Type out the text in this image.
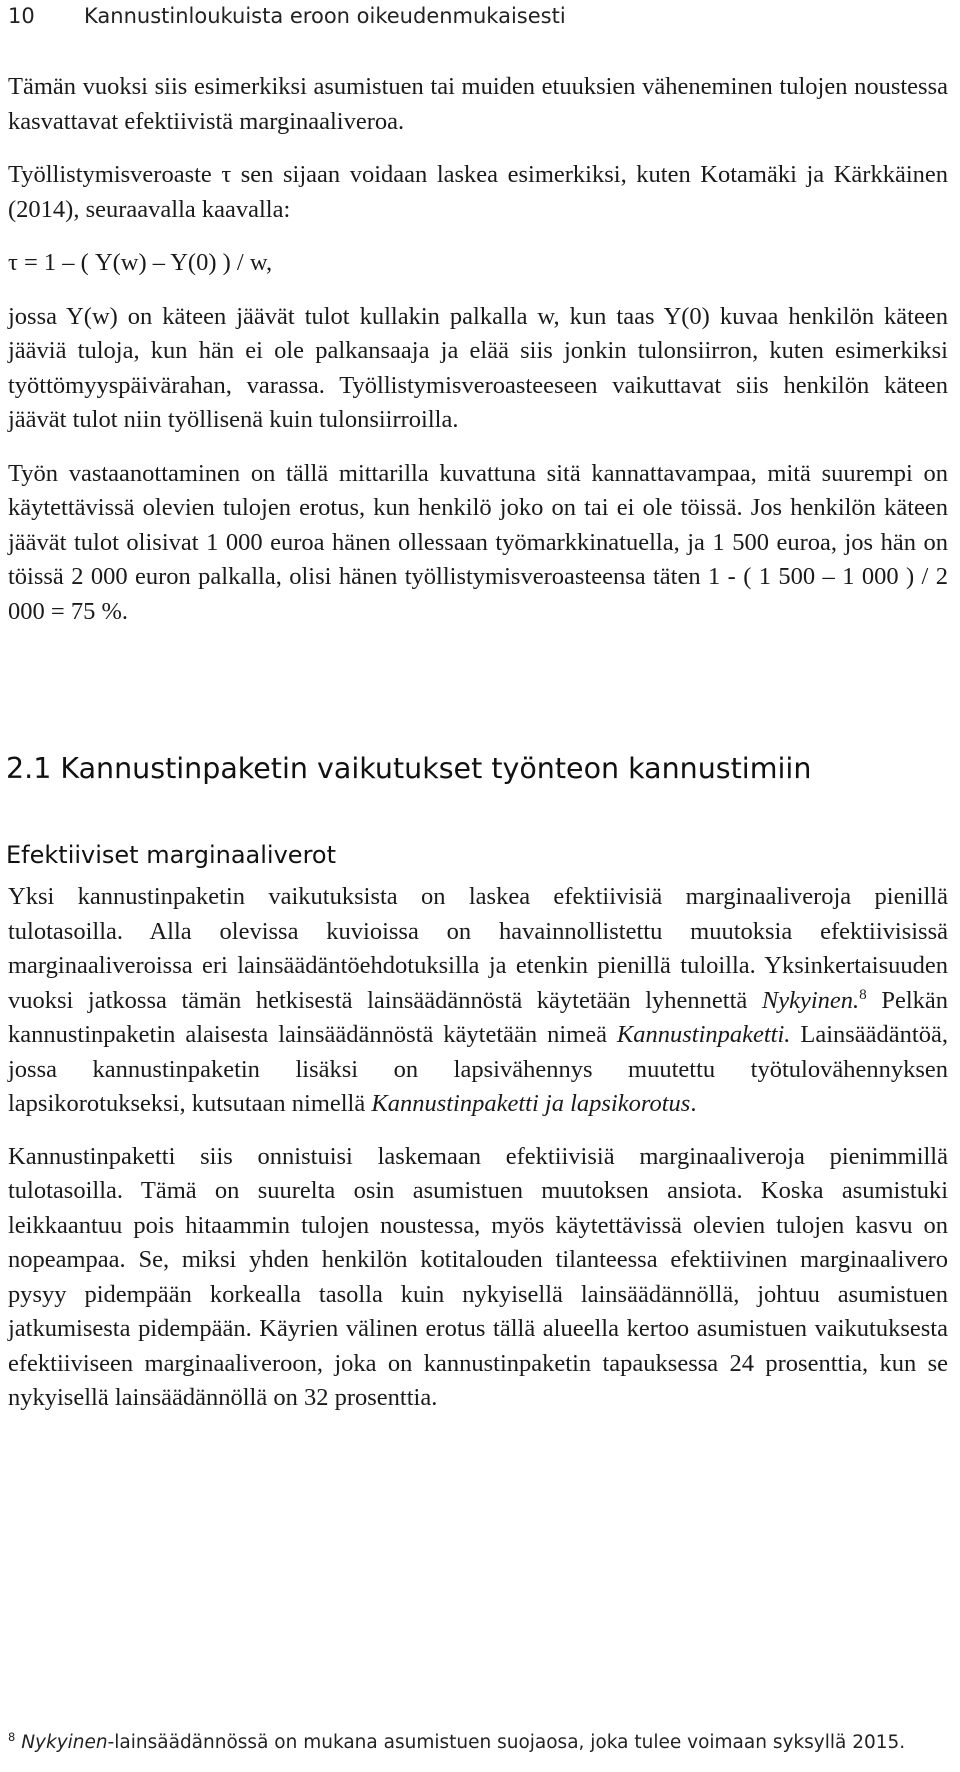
10 Kannustinloukuista eroon oikeudenmukaisesti

Tämän vuoksi siis esimerkiksi asumistuen tai muiden etuuksien väheneminen tulojen noustessa kasvattavat efektiivistä marginaaliveroa.

Työllistymisveroaste τ sen sijaan voidaan laskea esimerkiksi, kuten Kotamäki ja Kärkkäinen (2014), seuraavalla kaavalla:

τ = 1 – ( Y(w) – Y(0) ) / w,

jossa Y(w) on käteen jäävät tulot kullakin palkalla w, kun taas Y(0) kuvaa henkilön käteen jääviä tuloja, kun hän ei ole palkansaaja ja elää siis jonkin tulonsiirron, kuten esimerkiksi työttömyyspäivärahan, varassa. Työllistymisveroasteeseen vaikuttavat siis henkilön käteen jäävät tulot niin työllisenä kuin tulonsiirroilla.

Työn vastaanottaminen on tällä mittarilla kuvattuna sitä kannattavampaa, mitä suurempi on käytettävissä olevien tulojen erotus, kun henkilö joko on tai ei ole töissä. Jos henkilön käteen jäävät tulot olisivat 1 000 euroa hänen ollessaan työmarkkinatuella, ja 1 500 euroa, jos hän on töissä 2 000 euron palkalla, olisi hänen työllistymisveroasteensa täten 1 - ( 1 500 – 1 000 ) / 2 000 = 75 %.

2.1 Kannustinpaketin vaikutukset työnteon kannustimiin
Efektiiviset marginaaliverot

Yksi kannustinpaketin vaikutuksista on laskea efektiivisiä marginaaliveroja pienillä tulotasoilla. Alla olevissa kuvioissa on havainnollistettu muutoksia efektiivisissä marginaaliveroissa eri lainsäädäntöehdotuksilla ja etenkin pienillä tuloilla. Yksinkertaisuuden vuoksi jatkossa tämän hetkisestä lainsäädännöstä käytetään lyhennettä Nykyinen.$^8$ Pelkän kannustinpaketin alaisesta lainsäädännöstä käytetään nimeä Kannustinpaketti. Lainsäädäntöä, jossa kannustinpaketin lisäksi on lapsivähennys muutettu työtulovähennyksen lapsikorotukseksi, kutsutaan nimellä Kannustinpaketti ja lapsikorotus.

Kannustinpaketti siis onnistuisi laskemaan efektiivisiä marginaaliveroja pienimmillä tulotasoilla. Tämä on suurelta osin asumistuen muutoksen ansiota. Koska asumistuki leikkaantuu pois hitaammin tulojen noustessa, myös käytettävissä olevien tulojen kasvu on nopeampaa. Se, miksi yhden henkilön kotitalouden tilanteessa efektiivinen marginaalivero pysyy pidempään korkealla tasolla kuin nykyisellä lainsäädännöllä, johtuu asumistuen jatkumisesta pidempään. Käyrien välinen erotus tällä alueella kertoo asumistuen vaikutuksesta efektiiviseen marginaaliveroon, joka on kannustinpaketin tapauksessa 24 prosenttia, kun se nykyisellä lainsäädännöllä on 32 prosenttia.

$^8$ Nykyinen-lainsäädännössä on mukana asumistuen suojaosa, joka tulee voimaan syksyllä 2015.
